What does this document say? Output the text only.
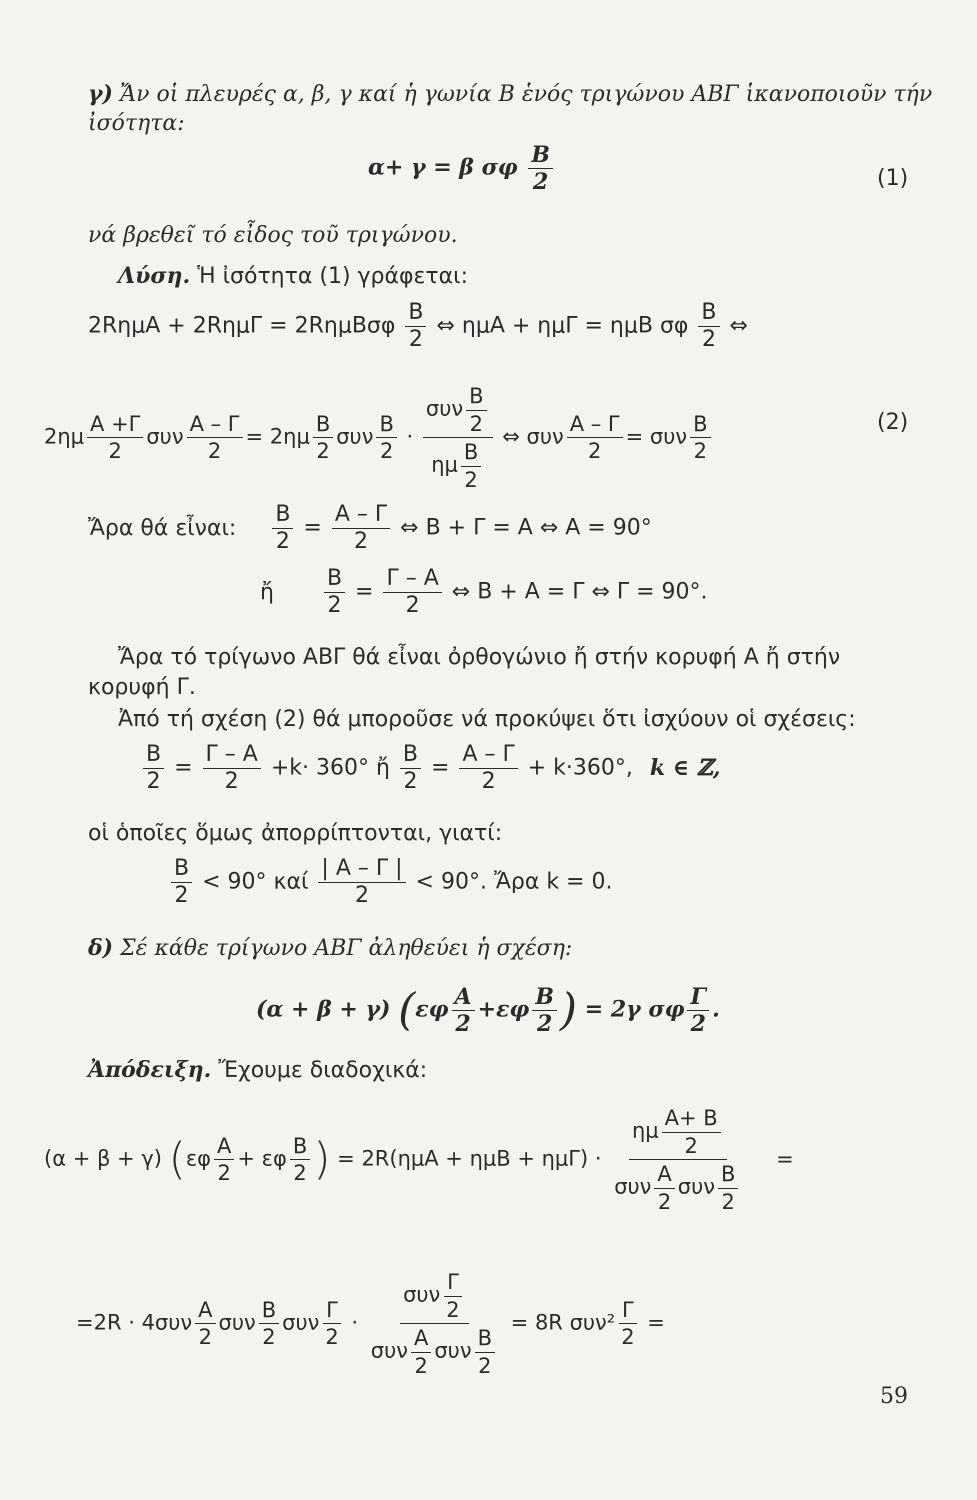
γ) Ἄν οἱ πλευρές α, β, γ καί ἡ γωνία Β ἑνός τριγώνου ΑΒΓ ἱκανοποιοῦν τήν
ἰσότητα:
α+ γ = β σφ $\frac{B}{2}$	(1)
νά βρεθεῖ τό εἶδος τοῦ τριγώνου.
Λύση. Ἡ ἰσότητα (1) γράφεται:
$2R\eta\mu A + 2R\eta\mu\Gamma = 2R\eta\mu B\sigma\varphi \frac{B}{2}$ ⇔ ημΑ + ημΓ = ημΒ σφ $\frac{B}{2}$ ⇔
$2\eta\mu \frac{A +\Gamma}{2}$ συν $\frac{A - \Gamma}{2} = 2\eta\mu \frac{B}{2}$ συν $\frac{B}{2} \cdot \frac{\sigma\upsilon\nu \frac{B}{2}}{\eta\mu \frac{B}{2}}$ ⇔ συν $\frac{A - \Gamma}{2} = \sigma\upsilon\nu \frac{B}{2}$	(2)
Ἄρα θά εἶναι: $\frac{B}{2} = \frac{A - \Gamma}{2}$ ⇔ Β + Γ = Α ⇔ Α = 90°
ἤ $\frac{B}{2} = \frac{\Gamma - A}{2}$ ⇔ Β + Α = Γ ⇔ Γ = 90°.
Ἄρα τό τρίγωνο ΑΒΓ θά εἶναι ὀρθογώνιο ἤ στήν κορυφή Α ἤ στήν
κορυφή Γ.
Ἀπό τή σχέση (2) θά μποροῦσε νά προκύψει ὅτι ἰσχύουν οἱ σχέσεις:
$\frac{B}{2} = \frac{\Gamma - A}{2} +k\cdot 360^\circ$ ἤ $\frac{B}{2} = \frac{A - \Gamma}{2} + k\cdot 360^\circ$, k ∈ ℤ,
οἱ ὁποῖες ὅμως ἀπορρίπτονται, γιατί:
$\frac{B}{2} < 90^\circ$ καί $\frac{| A - \Gamma |}{2} < 90^\circ$. Ἄρα k = 0.
δ) Σέ κάθε τρίγωνο ΑΒΓ ἀληθεύει ἡ σχέση:
(α + β + γ) ($\varepsilon\varphi \frac{A}{2} +\varepsilon\varphi \frac{B}{2}$ ) = 2γ σφ $\frac{\Gamma}{2}$ .
Ἀπόδειξη. Ἔχουμε διαδοχικά:
(α + β + γ) ($\varepsilon\varphi \frac{A}{2} + \varepsilon\varphi \frac{B}{2}$ ) = $2R(\eta\mu A + \eta\mu B + \eta\mu\Gamma) \cdot \frac{\eta\mu \frac{A+ B}{2}}{\sigma\upsilon\nu \frac{A}{2} \sigma\upsilon\nu \frac{B}{2}}$ =
$=2R \cdot 4\sigma\upsilon\nu \frac{A}{2}$ συν $\frac{B}{2}$ συν $\frac{\Gamma}{2} \cdot \frac{\sigma\upsilon\nu \frac{\Gamma}{2}}{\sigma\upsilon\nu \frac{A}{2} \sigma\upsilon\nu \frac{B}{2}} = 8R$ $\sigma\upsilon\nu^2 \frac{\Gamma}{2}$ =
59
